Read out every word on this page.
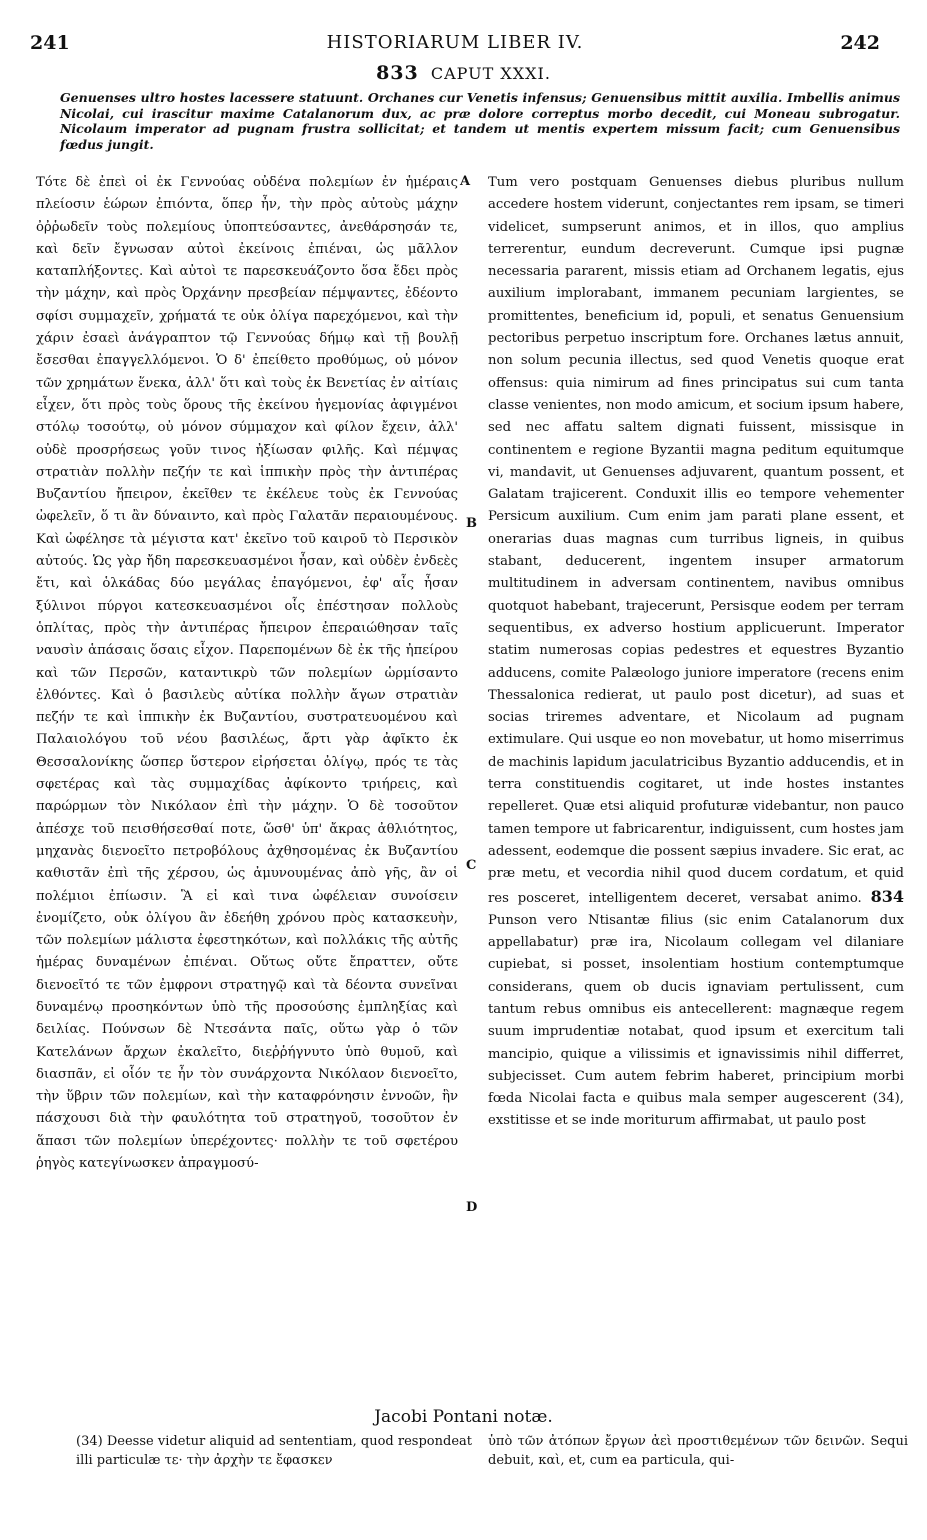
241	HISTORIARUM LIBER IV.	242
833 CAPUT XXXI.
Genuenses ultro hostes lacessere statuunt. Orchanes cur Venetis infensus; Genuensibus mittit auxilia. Imbellis animus Nicolai, cui irascitur maxime Catalanorum dux, ac præ dolore correptus morbo decedit, cui Moneau subrogatur. Nicolaum imperator ad pugnam frustra sollicitat; et tandem ut mentis expertem missum facit; cum Genuensibus fœdus jungit.
Τότε δὲ ἐπεὶ οἱ ἐκ Γεννούας οὐδένα πολεμίων ἐν ἡμέραις πλείοσιν ἑώρων ἐπιόντα, ὅπερ ἦν, τὴν πρὸς αὐτοὺς μάχην ὀῤῥωδεῖν τοὺς πολεμίους ὑποπτεύσαντες, ἀνεθάρσησάν τε, καὶ δεῖν ἔγνωσαν αὐτοὶ ἐκείνοις ἐπιέναι, ὡς μᾶλλον καταπλήξοντες. Καὶ αὐτοὶ τε παρεσκευάζοντο ὅσα ἔδει πρὸς τὴν μάχην, καὶ πρὸς Ὀρχάνην πρεσβείαν πέμψαντες, ἐδέοντο σφίσι συμμαχεῖν, χρήματά τε οὐκ ὀλίγα παρεχόμενοι, καὶ τὴν χάριν ἐσαεὶ ἀνάγραπτον τῷ Γεννούας δήμῳ καὶ τῇ βουλῇ ἔσεσθαι ἐπαγγελλόμενοι. Ὁ δ' ἐπείθετο προθύμως, οὐ μόνον τῶν χρημάτων ἕνεκα, ἀλλ' ὅτι καὶ τοὺς ἐκ Βενετίας ἐν αἰτίαις εἶχεν, ὅτι πρὸς τοὺς ὅρους τῆς ἐκείνου ἡγεμονίας ἀφιγμένοι στόλῳ τοσούτῳ, οὐ μόνον σύμμαχον καὶ φίλον ἔχειν, ἀλλ' οὐδὲ προσρήσεως γοῦν τινος ἠξίωσαν φιλῆς. Καὶ πέμψας στρατιὰν πολλὴν πεζήν τε καὶ ἱππικὴν πρὸς τὴν ἀντιπέρας Βυζαντίου ἤπειρον, ἐκεῖθεν τε ἐκέλευε τοὺς ἐκ Γεννούας ὠφελεῖν, ὅ τι ἂν δύναιντο, καὶ πρὸς Γαλατᾶν περαιουμένους. Καὶ ὠφέλησε τὰ μέγιστα κατ' ἐκεῖνο τοῦ καιροῦ τὸ Περσικὸν αὐτούς. Ὡς γὰρ ἤδη παρεσκευασμένοι ἦσαν, καὶ οὐδὲν ἐνδεὲς ἔτι, καὶ ὁλκάδας δύο μεγάλας ἐπαγόμενοι, ἐφ' αἷς ἦσαν ξύλινοι πύργοι κατεσκευασμένοι οἷς ἐπέστησαν πολλοὺς ὁπλίτας, πρὸς τὴν ἀντιπέρας ἤπειρον ἐπεραιώθησαν ταῖς ναυσὶν ἁπάσαις ὅσαις εἶχον. Παρεπομένων δὲ ἐκ τῆς ἠπείρου καὶ τῶν Περσῶν, καταντικρὺ τῶν πολεμίων ὡρμίσαντο ἐλθόντες. Καὶ ὁ βασιλεὺς αὐτίκα πολλὴν ἄγων στρατιὰν πεζήν τε καὶ ἱππικὴν ἐκ Βυζαντίου, συστρατευομένου καὶ Παλαιολόγου τοῦ νέου βασιλέως, ἄρτι γὰρ ἀφῖκτο ἐκ Θεσσαλονίκης ὥσπερ ὕστερον εἰρήσεται ὀλίγῳ, πρός τε τὰς σφετέρας καὶ τὰς συμμαχίδας ἀφίκοντο τριήρεις, καὶ παρώρμων τὸν Νικόλαον ἐπὶ τὴν μάχην. Ὁ δὲ τοσοῦτον ἀπέσχε τοῦ πεισθήσεσθαί ποτε, ὥσθ' ὑπ' ἄκρας ἀθλιότητος, μηχανὰς διενοεῖτο πετροβόλους ἀχθησομένας ἐκ Βυζαντίου καθιστᾶν ἐπὶ τῆς χέρσου, ὡς ἀμυνουμένας ἀπὸ γῆς, ἂν οἱ πολέμιοι ἐπίωσιν. Ἃ εἰ καὶ τινα ὠφέλειαν συνοίσειν ἐνομίζετο, οὐκ ὀλίγου ἂν ἐδεήθη χρόνου πρὸς κατασκευὴν, τῶν πολεμίων μάλιστα ἐφεστηκότων, καὶ πολλάκις τῆς αὐτῆς ἡμέρας δυναμένων ἐπιέναι. Οὕτως οὔτε ἔπραττεν, οὔτε διενοεῖτό τε τῶν ἐμφρονι στρατηγῷ καὶ τὰ δέοντα συνεῖναι δυναμένῳ προσηκόντων ὑπὸ τῆς προσούσης ἐμπληξίας καὶ δειλίας. Πούνσων δὲ Ντεσάντα παῖς, οὕτω γὰρ ὁ τῶν Κατελάνων ἄρχων ἐκαλεῖτο, διεῤῥήγνυτο ὑπὸ θυμοῦ, καὶ διασπᾶν, εἰ οἷόν τε ἦν τὸν συνάρχοντα Νικόλαον διενοεῖτο, τὴν ὕβριν τῶν πολεμίων, καὶ τὴν καταφρόνησιν ἐννοῶν, ἣν πάσχουσι διὰ τὴν φαυλότητα τοῦ στρατηγοῦ, τοσοῦτον ἐν ἅπασι τῶν πολεμίων ὑπερέχοντες· πολλὴν τε τοῦ σφετέρου ῥηγὸς κατεγίνωσκεν ἀπραγμοσύ-
A
B
C
D
Tum vero postquam Genuenses diebus pluribus nullum accedere hostem viderunt, conjectantes rem ipsam, se timeri videlicet, sumpserunt animos, et in illos, quo amplius terrerentur, eundum decreverunt. Cumque ipsi pugnæ necessaria pararent, missis etiam ad Orchanem legatis, ejus auxilium implorabant, immanem pecuniam largientes, se promittentes, beneficium id, populi, et senatus Genuensium pectoribus perpetuo inscriptum fore. Orchanes lætus annuit, non solum pecunia illectus, sed quod Venetis quoque erat offensus: quia nimirum ad fines principatus sui cum tanta classe venientes, non modo amicum, et socium ipsum habere, sed nec affatu saltem dignati fuissent, missisque in continentem e regione Byzantii magna peditum equitumque vi, mandavit, ut Genuenses adjuvarent, quantum possent, et Galatam trajicerent. Conduxit illis eo tempore vehementer Persicum auxilium. Cum enim jam parati plane essent, et onerarias duas magnas cum turribus ligneis, in quibus stabant, deducerent, ingentem insuper armatorum multitudinem in adversam continentem, navibus omnibus quotquot habebant, trajecerunt, Persisque eodem per terram sequentibus, ex adverso hostium applicuerunt. Imperator statim numerosas copias pedestres et equestres Byzantio adducens, comite Palæologo juniore imperatore (recens enim Thessalonica redierat, ut paulo post dicetur), ad suas et socias triremes adventare, et Nicolaum ad pugnam extimulare. Qui usque eo non movebatur, ut homo miserrimus de machinis lapidum jaculatricibus Byzantio adducendis, et in terra constituendis cogitaret, ut inde hostes instantes repelleret. Quæ etsi aliquid profuturæ videbantur, non pauco tamen tempore ut fabricarentur, indiguissent, cum hostes jam adessent, eodemque die possent sæpius invadere. Sic erat, ac præ metu, et vecordia nihil quod ducem cordatum, et quid res posceret, intelligentem deceret, versabat animo. 834 Punson vero Ntisantæ filius (sic enim Catalanorum dux appellabatur) præ ira, Nicolaum collegam vel dilaniare cupiebat, si posset, insolentiam hostium contemptumque considerans, quem ob ducis ignaviam pertulissent, cum tantum rebus omnibus eis antecellerent: magnæque regem suum imprudentiæ notabat, quod ipsum et exercitum tali mancipio, quique a vilissimis et ignavissimis nihil differret, subjecisset. Cum autem febrim haberet, principium morbi fœda Nicolai facta e quibus mala semper augescerent (34), exstitisse et se inde moriturum affirmabat, ut paulo post
Jacobi Pontani notæ.
(34) Deesse videtur aliquid ad sententiam, quod respondeat illi particulæ τε· τὴν ἀρχὴν τε ἔφασκεν
ὑπὸ τῶν ἀτόπων ἔργων ἀεὶ προστιθεμένων τῶν δεινῶν. Sequi debuit, καὶ, et, cum ea particula, qui-
